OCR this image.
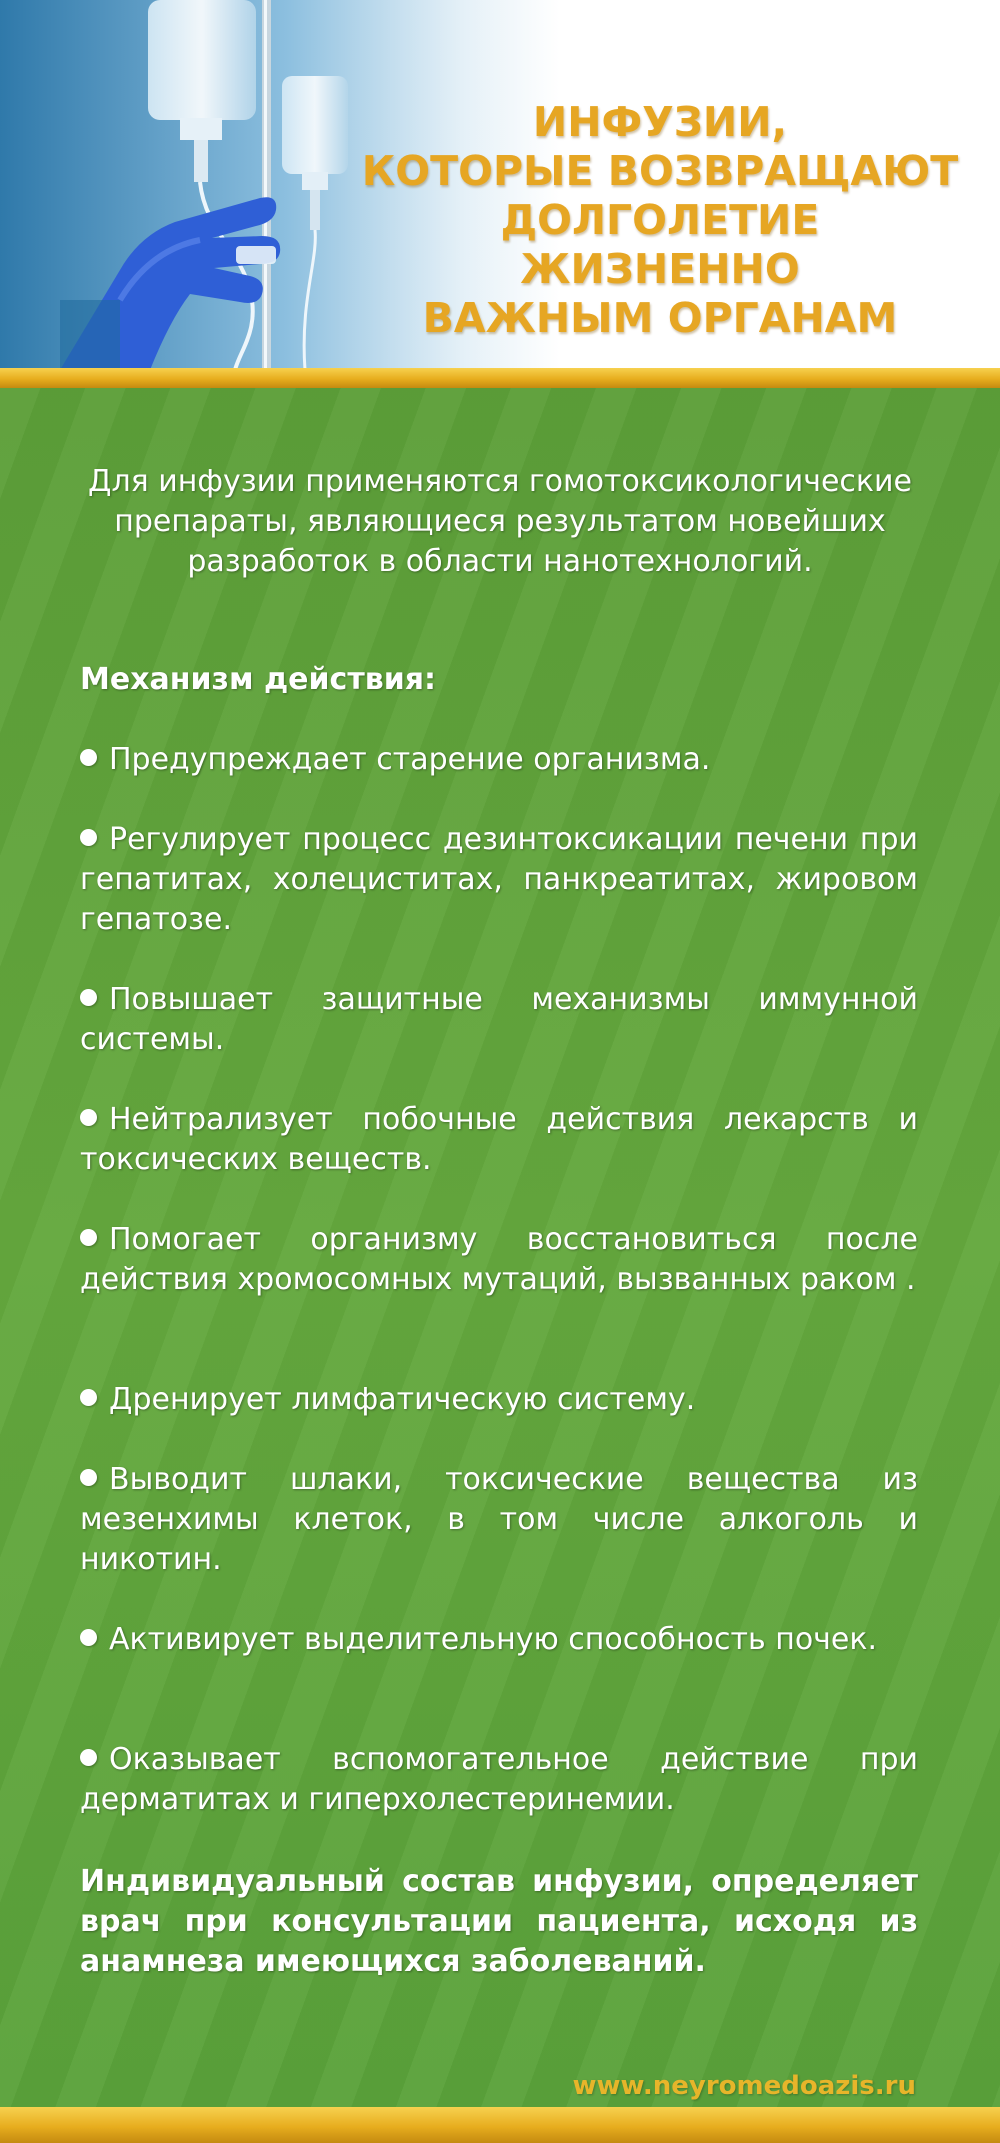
ИНФУЗИИ,
КОТОРЫЕ ВОЗВРАЩАЮТ
ДОЛГОЛЕТИЕ ЖИЗНЕННО
ВАЖНЫМ ОРГАНАМ

Для инфузии применяются гомотоксикологические препараты, являющиеся результатом новейших разработок в области нанотехнологий.

Механизм действия:

Предупреждает старение организма.

Регулирует процесс дезинтоксикации печени при гепатитах, холециститах, панкреатитах, жировом гепатозе.

Повышает защитные механизмы иммунной системы.

Нейтрализует побочные действия лекарств и токсических веществ.

Помогает организму восстановиться после действия хромосомных мутаций, вызванных раком .

Дренирует лимфатическую систему.

Выводит шлаки, токсические вещества из мезенхимы клеток, в том числе алкоголь и никотин.

Активирует выделительную способность почек.

Оказывает вспомогательное действие при дерматитах и гиперхолестеринемии.

Индивидуальный состав инфузии, определяет врач при консультации пациента, исходя из анамнеза имеющихся заболеваний.

www.neyromedoazis.ru
